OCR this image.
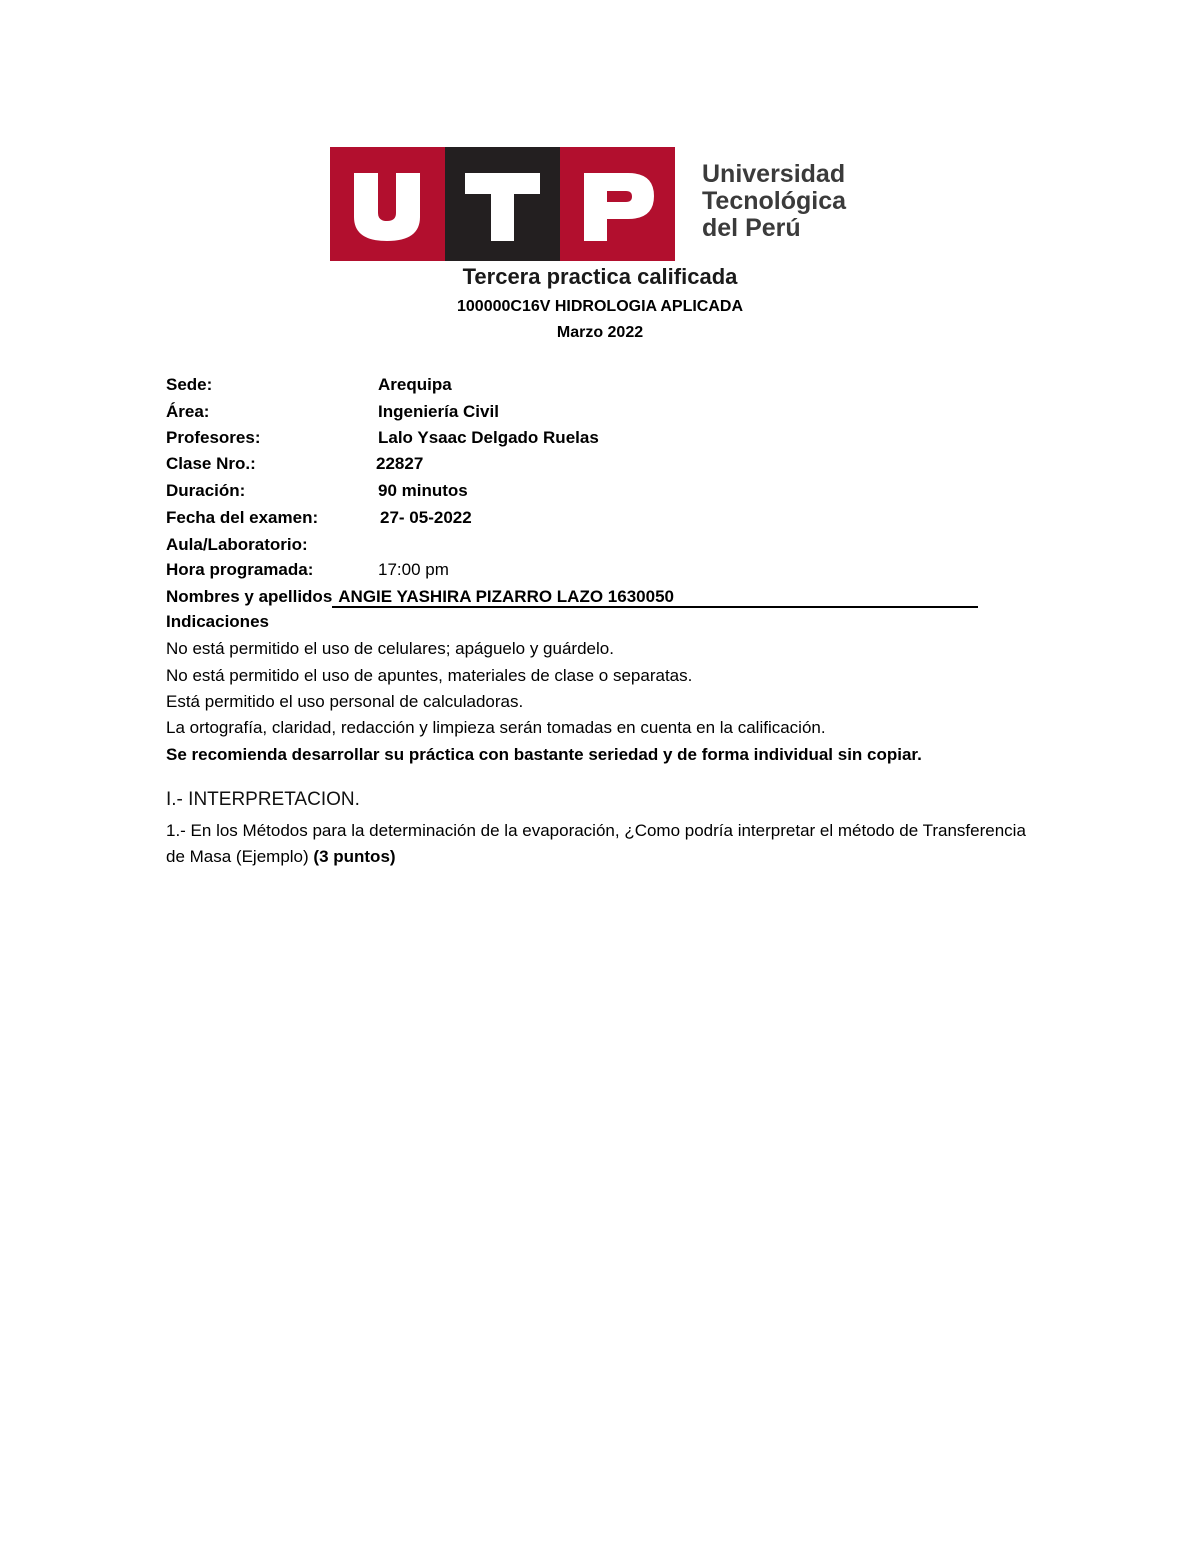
Universidad
Tecnológica
del Perú
Tercera practica calificada
100000C16V HIDROLOGIA APLICADA
Marzo 2022
Sede:	Arequipa
Área:	Ingeniería Civil
Profesores:	Lalo Ysaac Delgado Ruelas
Clase Nro.:	22827
Duración:	90 minutos
Fecha del examen:	27- 05-2022
Aula/Laboratorio:
Hora programada:	17:00 pm
Nombres y apellidos ANGIE YASHIRA PIZARRO LAZO 1630050
Indicaciones
No está permitido el uso de celulares; apáguelo y guárdelo.
No está permitido el uso de apuntes, materiales de clase o separatas.
Está permitido el uso personal de calculadoras.
La ortografía, claridad, redacción y limpieza serán tomadas en cuenta en la calificación.
Se recomienda desarrollar su práctica con bastante seriedad y de forma individual sin copiar.
I.- INTERPRETACION.
1.- En los Métodos para la determinación de la evaporación, ¿Como podría interpretar el método de Transferencia de Masa (Ejemplo) (3 puntos)
